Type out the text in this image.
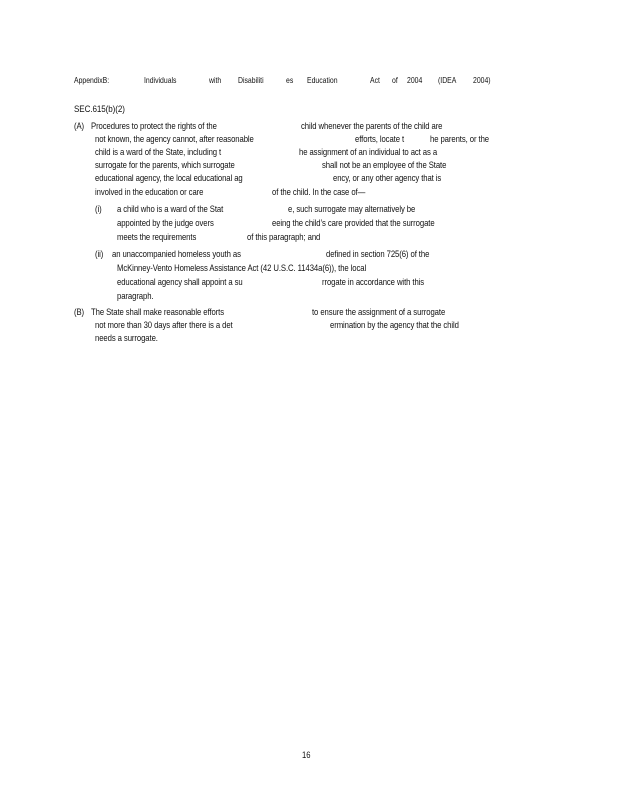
AppendixB:	Individuals	with Disabiliti	es Education	Act of 2004 (IDEA 2004)
SEC.615(b)(2)
(A) Procedures to protect the rights of the	child whenever the parents of the child are
not known, the agency cannot, after reasonable	efforts, locate t	he parents, or the
child is a ward of the State, including t	he assignment of an individual to act as a
surrogate for the parents, which surrogate	shall not be an employee of the State
educational agency, the local educational ag	ency, or any other agency that is
involved in the education or care	of the child. In the case of—
(i) a child who is a ward of the Stat	e, such surrogate may alternatively be
appointed by the judge overs	eeing the child’s care provided that the surrogate
meets the requirements	of this paragraph; and
(ii) an unaccompanied homeless youth as	defined in section 725(6) of the
McKinney-Vento Homeless Assistance Act (42 U.S.C. 11434a(6)), the local
educational agency shall appoint a su	rrogate in accordance with this
paragraph.
(B) The State shall make reasonable efforts	to ensure the assignment of a surrogate
not more than 30 days after there is a det	ermination by the agency that the child
needs a surrogate.
16
